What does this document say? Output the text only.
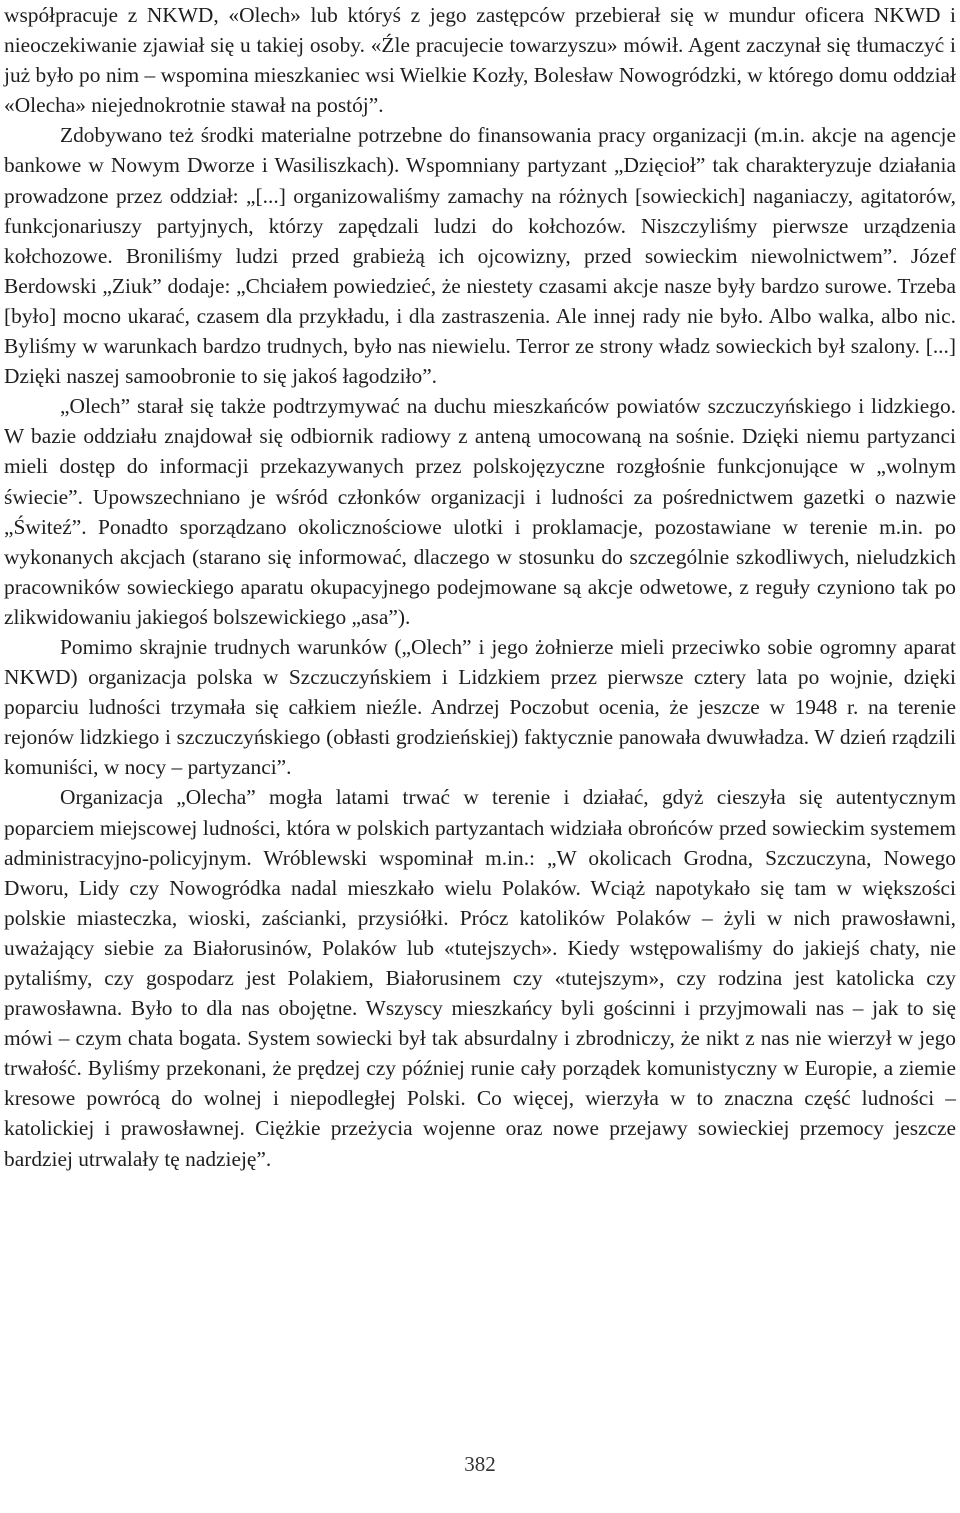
współpracuje z NKWD, «Olech» lub któryś z jego zastępców przebierał się w mundur oficera NKWD i nieoczekiwanie zjawiał się u takiej osoby. «Źle pracujecie towarzyszu» mówił. Agent zaczynał się tłumaczyć i już było po nim – wspomina mieszkaniec wsi Wielkie Kozły, Bolesław Nowogródzki, w którego domu oddział «Olecha» niejednokrotnie stawał na postój”.

Zdobywano też środki materialne potrzebne do finansowania pracy organizacji (m.in. akcje na agencje bankowe w Nowym Dworze i Wasiliszkach). Wspomniany partyzant „Dzięcioł” tak charakteryzuje działania prowadzone przez oddział: „[...] organizowaliśmy zamachy na różnych [sowieckich] naganiaczy, agitatorów, funkcjonariuszy partyjnych, którzy zapędzali ludzi do kołchozów. Niszczyliśmy pierwsze urządzenia kołchozowe. Broniliśmy ludzi przed grabieżą ich ojcowizny, przed sowieckim niewolnictwem”. Józef Berdowski „Ziuk” dodaje: „Chciałem powiedzieć, że niestety czasami akcje nasze były bardzo surowe. Trzeba [było] mocno ukarać, czasem dla przykładu, i dla zastraszenia. Ale innej rady nie było. Albo walka, albo nic. Byliśmy w warunkach bardzo trudnych, było nas niewielu. Terror ze strony władz sowieckich był szalony. [...] Dzięki naszej samoobronie to się jakoś łagodziło”.

„Olech” starał się także podtrzymywać na duchu mieszkańców powiatów szczuczyńskiego i lidzkiego. W bazie oddziału znajdował się odbiornik radiowy z anteną umocowaną na sośnie. Dzięki niemu partyzanci mieli dostęp do informacji przekazywanych przez polskojęzyczne rozgłośnie funkcjonujące w „wolnym świecie”. Upowszechniano je wśród członków organizacji i ludności za pośrednictwem gazetki o nazwie „Świteź”. Ponadto sporządzano okolicznościowe ulotki i proklamacje, pozostawiane w terenie m.in. po wykonanych akcjach (starano się informować, dlaczego w stosunku do szczególnie szkodliwych, nieludzkich pracowników sowieckiego aparatu okupacyjnego podejmowane są akcje odwetowe, z reguły czyniono tak po zlikwidowaniu jakiegoś bolszewickiego „asa”).

Pomimo skrajnie trudnych warunków („Olech” i jego żołnierze mieli przeciwko sobie ogromny aparat NKWD) organizacja polska w Szczuczyńskiem i Lidzkiem przez pierwsze cztery lata po wojnie, dzięki poparciu ludności trzymała się całkiem nieźle. Andrzej Poczobut ocenia, że jeszcze w 1948 r. na terenie rejonów lidzkiego i szczuczyńskiego (obłasti grodzieńskiej) faktycznie panowała dwuwładza. W dzień rządzili komuniści, w nocy – partyzanci”.

Organizacja „Olecha” mogła latami trwać w terenie i działać, gdyż cieszyła się autentycznym poparciem miejscowej ludności, która w polskich partyzantach widziała obrońców przed sowieckim systemem administracyjno-policyjnym. Wróblewski wspominał m.in.: „W okolicach Grodna, Szczuczyna, Nowego Dworu, Lidy czy Nowogródka nadal mieszkało wielu Polaków. Wciąż napotykało się tam w większości polskie miasteczka, wioski, zaścianki, przysiółki. Prócz katolików Polaków – żyli w nich prawosławni, uważający siebie za Białorusinów, Polaków lub «tutejszych». Kiedy wstępowaliśmy do jakiejś chaty, nie pytaliśmy, czy gospodarz jest Polakiem, Białorusinem czy «tutejszym», czy rodzina jest katolicka czy prawosławna. Było to dla nas obojętne. Wszyscy mieszkańcy byli gościnni i przyjmowali nas – jak to się mówi – czym chata bogata. System sowiecki był tak absurdalny i zbrodniczy, że nikt z nas nie wierzył w jego trwałość. Byliśmy przekonani, że prędzej czy później runie cały porządek komunistyczny w Europie, a ziemie kresowe powrócą do wolnej i niepodległej Polski. Co więcej, wierzyła w to znaczna część ludności – katolickiej i prawosławnej. Ciężkie przeżycia wojenne oraz nowe przejawy sowieckiej przemocy jeszcze bardziej utrwalały tę nadzieję”.

382
